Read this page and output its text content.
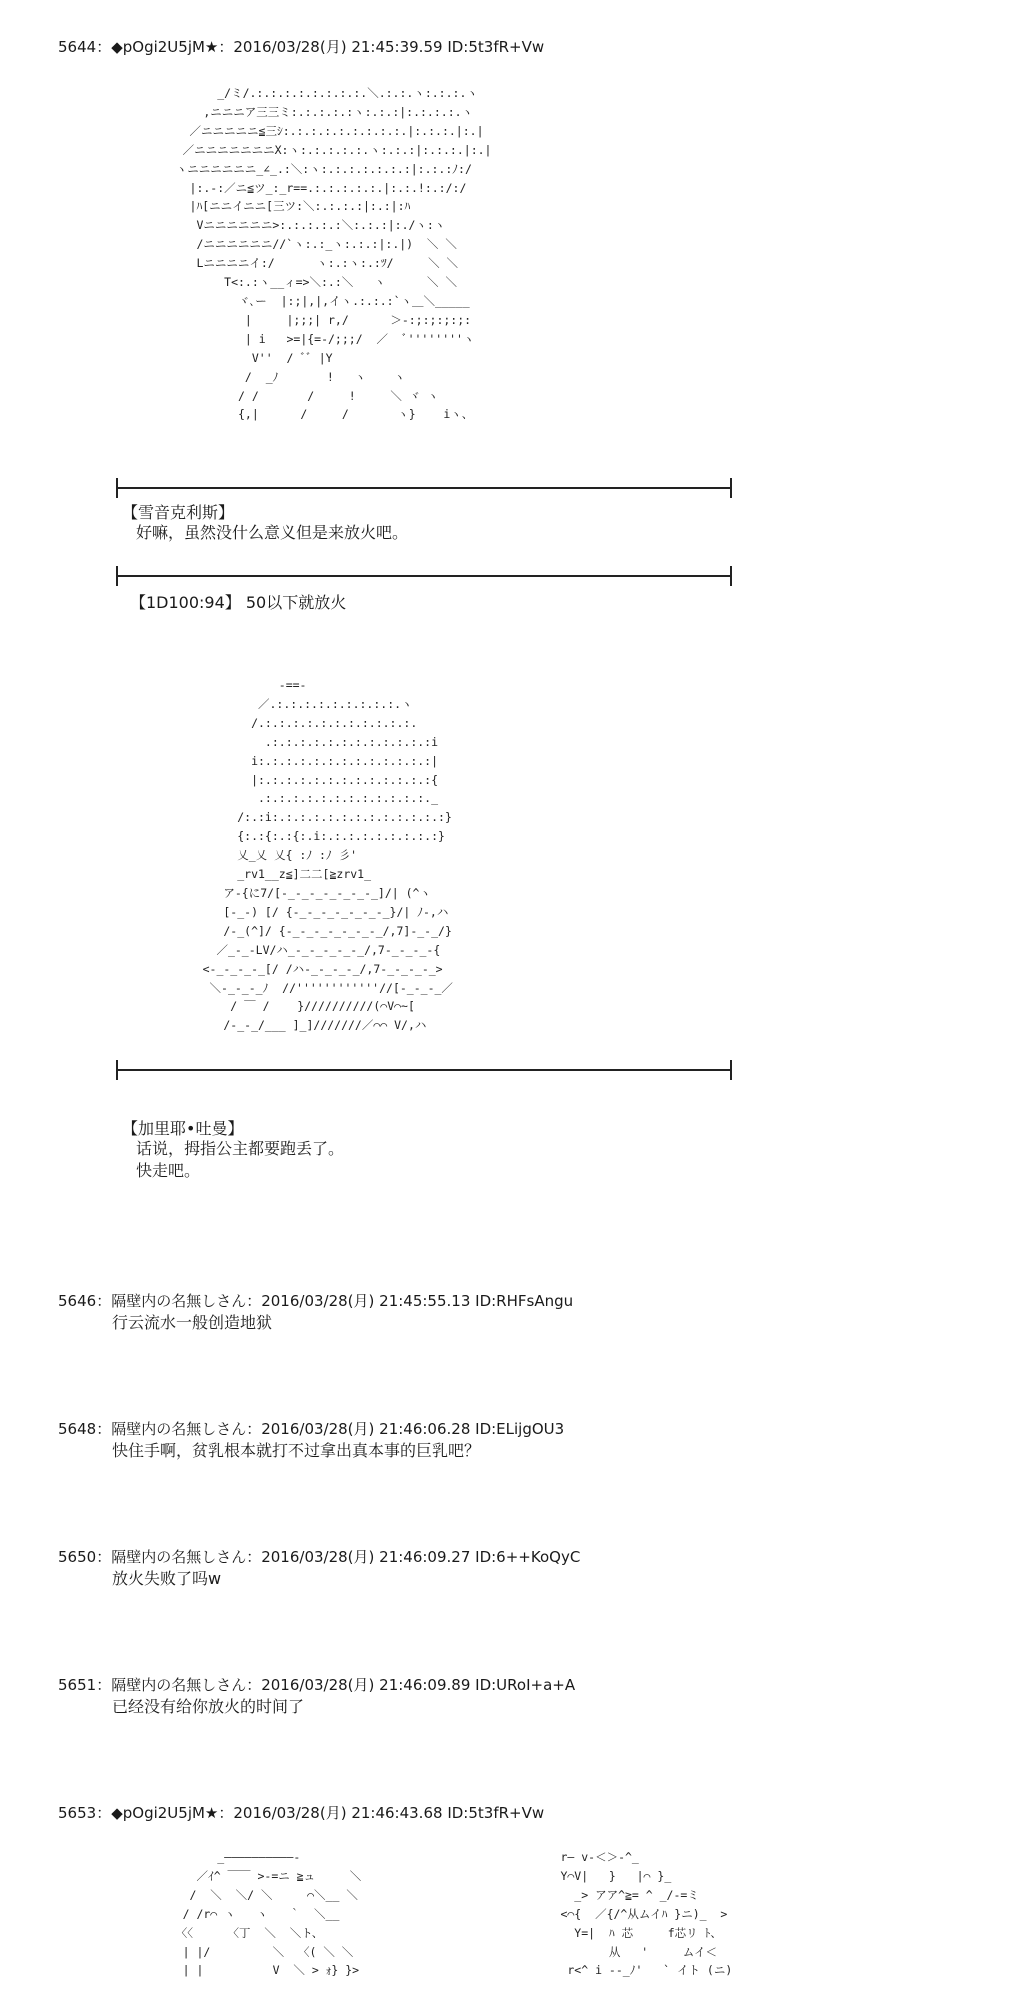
5644：◆pOgi2U5jM★：2016/03/28(月) 21:45:39.59 ID:5t3fR+Vw
_/ミ/.:.:.:.:.:.:.:.:.＼.:.:.ヽ:.:.:.ヽ
,ニニニア三三ミ:.:.:.:.:ヽ:.:.:|:.:.:.:.ヽ
／ニニニニニ≦三ｼ:.:.:.:.:.:.:.:.:.|:.:.:.|:.|
／ニニニニニニニX:ヽ:.:.:.:.:.ヽ:.:.:|:.:.:.|:.|
ヽニニニニニニ_∠_.:＼:ヽ:.:.:.:.:.:.:|:.:.:ﾉ:/
|:.-:／ニ≦ツ_:_r==.:.:.:.:.:.|:.:.!:.:/:/
|ﾊ[ニニイニニ[三ツ:＼:.:.:.:|:.:|:ﾊ
Vニニニニニニ>:.:.:.:.:＼:.:.:|:./ヽ:ヽ
/ニニニニニニ//`ヽ:.:_ヽ:.:.:|:.|)  ＼ ＼
Lニニニニイ:/      ヽ:.:ヽ:.:ﾂ/     ＼ ＼
T<:.:ヽ__ィ=>＼:.:＼   ヽ      ＼ ＼
ヾ､ー  |:;|,|,イヽ.:.:.:`ヽ＿＼_____
|     |;;;| r,/      ＞-:;:;:;:;:
| i   >=|{=-/;;;/  ／  ﾞ''''''''ヽ
V''  / ﾞﾞ |Y
/  _ﾉ       !   ヽ    ヽ
/ /       /     !     ＼ ヾ ヽ
{,|      /     /       ヽ}    iヽ、
【雪音克利斯】
好嘛，虽然没什么意义但是来放火吧。
【1D100:94】 50以下就放火
-==-
／.:.:.:.:.:.:.:.:.:.ヽ
/.:.:.:.:.:.:.:.:.:.:.:.
.:.:.:.:.:.:.:.:.:.:.:.:i
i:.:.:.:.:.:.:.:.:.:.:.:.:|
|:.:.:.:.:.:.:.:.:.:.:.:.:{
.:.:.:.:.:.:.:.:.:.:.:.:._
/:.:i:.:.:.:.:.:.:.:.:.:.:.:.:}
{:.:{:.:{:.i:.:.:.:.:.:.:.:.:}
乂_乂 乂{ :ﾉ :ﾉ 彡'
_rv1__z≦]二二[≧zrv1_
ア-{に7/[-_-_-_-_-_-_-_]/| (^ヽ
[-_-) [/ {-_-_-_-_-_-_-_}/| ﾉ-,ハ
/-_(^]/ {-_-_-_-_-_-_-_/,7]-_-_/}
／_-_-LV/ハ_-_-_-_-_-_/,7-_-_-_-{
<-_-_-_-_[/ /ハ-_-_-_-_/,7-_-_-_-_>
＼-_-_-_ﾉ  //''''''''''''//[-_-_-_／
/ ￣ /    }//////////(⌒V⌒~[
/-_-_/___ ]_]///////／⌒⌒ V/,ハ
【加里耶•吐曼】
话说，拇指公主都要跑丢了。
快走吧。
5646：隔壁内の名無しさん：2016/03/28(月) 21:45:55.13 ID:RHFsAngu
行云流水一般创造地狱
5648：隔壁内の名無しさん：2016/03/28(月) 21:46:06.28 ID:ELijgOU3
快住手啊，贫乳根本就打不过拿出真本事的巨乳吧？
5650：隔壁内の名無しさん：2016/03/28(月) 21:46:09.27 ID:6++KoQyC
放火失败了吗w
5651：隔壁内の名無しさん：2016/03/28(月) 21:46:09.89 ID:URoI+a+A
已经没有给你放火的时间了
5653：◆pOgi2U5jM★：2016/03/28(月) 21:46:43.68 ID:5t3fR+Vw
_――――――――――-
／ｲ^ ￣￣ >-=ニ ≧ュ     ＼
/  ＼  ＼/ ＼     ⌒＼__ ＼
/ /r⌒ ヽ   ヽ   ｀  ＼__
〈〈     〈丁  ＼  ＼ト、
| |/         ＼  〈( ＼ ＼
| |          V  ＼ > ｫ} }>
r― v-＜＞-^_
Y⌒V|   }   |⌒ }_
_> アア^≧= ^ _/-=ミ
<⌒{  ／{/^从ムイﾊ }ニ)_  >
Y=|  ﾊ 芯     f芯リ ﾄ、
从   '     ムイ＜
r<^ i --_ﾉ'   ` イト (ニ)
